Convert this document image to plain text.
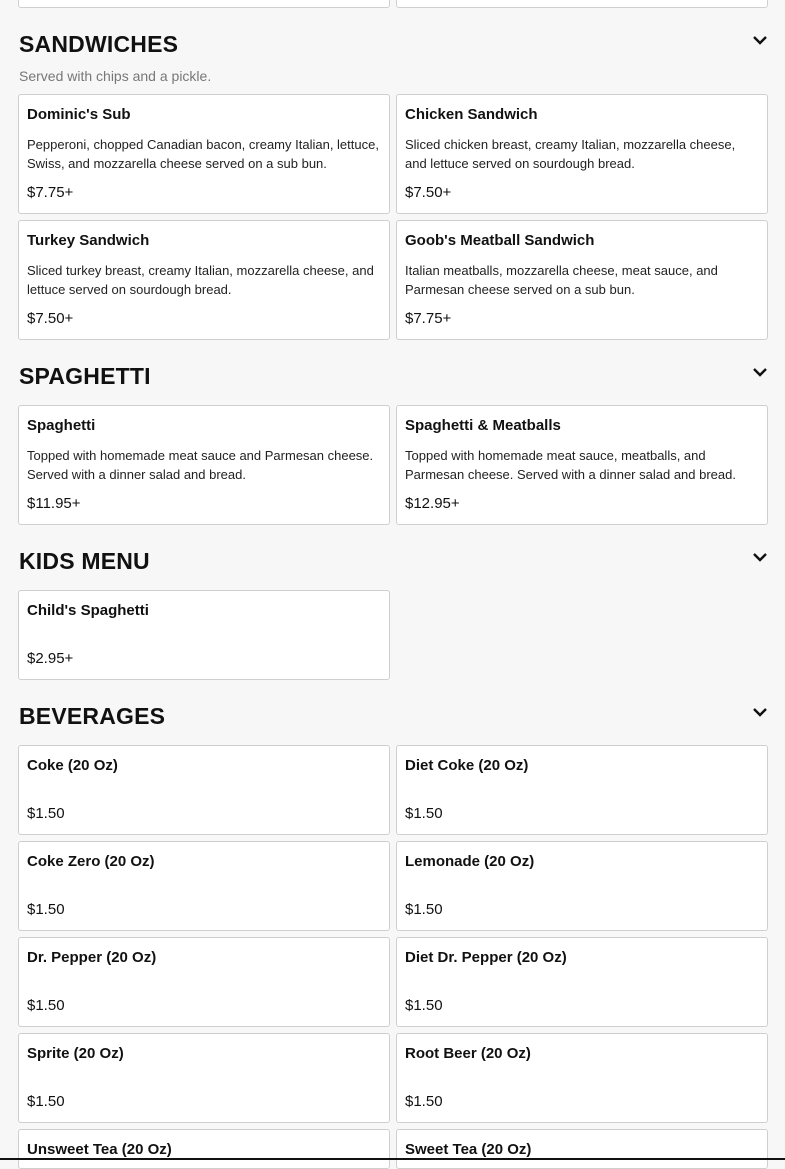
SANDWICHES
Served with chips and a pickle.
Dominic's Sub
Pepperoni, chopped Canadian bacon, creamy Italian, lettuce, Swiss, and mozzarella cheese served on a sub bun.
$7.75+
Chicken Sandwich
Sliced chicken breast, creamy Italian, mozzarella cheese, and lettuce served on sourdough bread.
$7.50+
Turkey Sandwich
Sliced turkey breast, creamy Italian, mozzarella cheese, and lettuce served on sourdough bread.
$7.50+
Goob's Meatball Sandwich
Italian meatballs, mozzarella cheese, meat sauce, and Parmesan cheese served on a sub bun.
$7.75+
SPAGHETTI
Spaghetti
Topped with homemade meat sauce and Parmesan cheese. Served with a dinner salad and bread.
$11.95+
Spaghetti & Meatballs
Topped with homemade meat sauce, meatballs, and Parmesan cheese. Served with a dinner salad and bread.
$12.95+
KIDS MENU
Child's Spaghetti
$2.95+
BEVERAGES
Coke (20 Oz)
$1.50
Diet Coke (20 Oz)
$1.50
Coke Zero (20 Oz)
$1.50
Lemonade (20 Oz)
$1.50
Dr. Pepper (20 Oz)
$1.50
Diet Dr. Pepper (20 Oz)
$1.50
Sprite (20 Oz)
$1.50
Root Beer (20 Oz)
$1.50
Unsweet Tea (20 Oz)	Sweet Tea (20 Oz)
